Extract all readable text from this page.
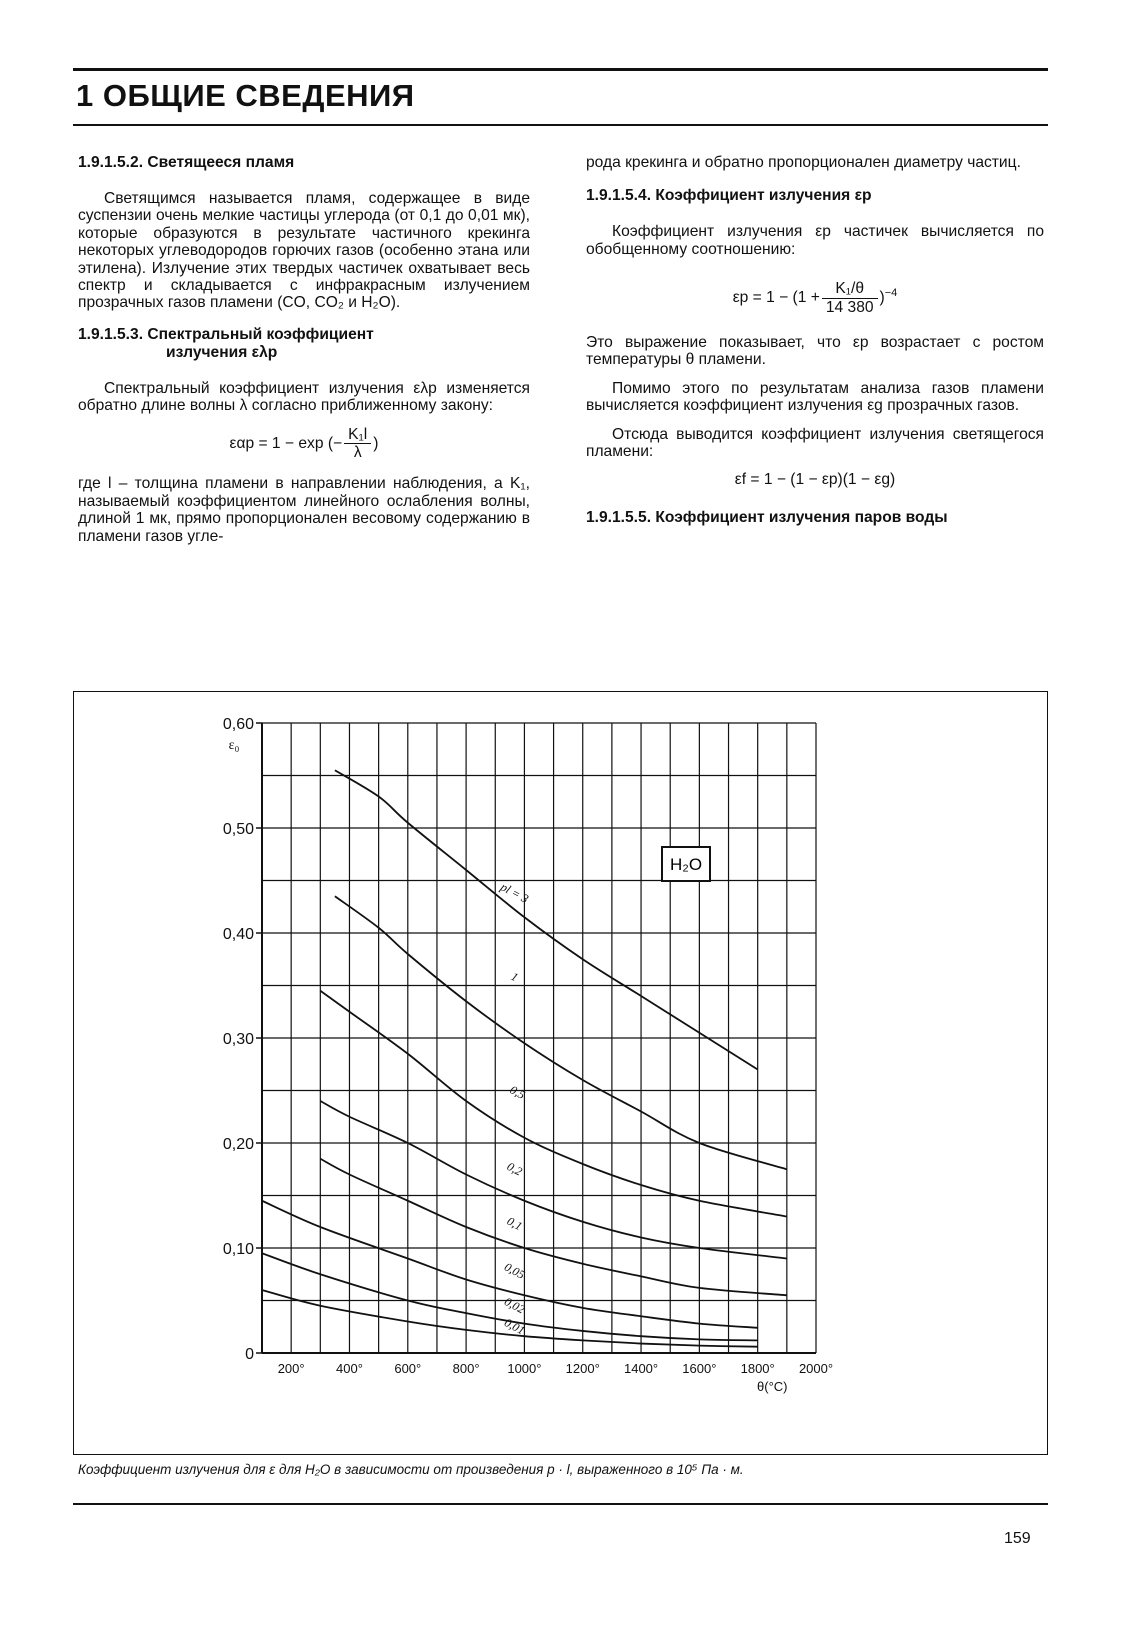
1 ОБЩИЕ СВЕДЕНИЯ
1.9.1.5.2. Светящееся пламя

Светящимся называется пламя, содержащее в виде суспензии очень мелкие частицы углерода (от 0,1 до 0,01 мк), которые образуются в результате частичного крекинга некоторых углеводородов горючих газов (особенно этана или этилена). Излучение этих твердых частичек охватывает весь спектр и складывается с инфракрасным излучением прозрачных газов пламени (CO, CO₂ и H₂O).

1.9.1.5.3. Спектральный коэффициент
излучения ελp

Спектральный коэффициент излучения ελp изменяется обратно длине волны λ согласно приближенному закону:

εαp = 1 − exp (− $\frac{\text{K₁l}}{\lambda}$ )

где l – толщина пламени в направлении наблюдения, а K₁, называемый коэффициентом линейного ослабления волны, длиной 1 мк, прямо пропорционален весовому содержанию в пламени газов угле-

рода крекинга и обратно пропорционален диаметру частиц.

1.9.1.5.4. Коэффициент излучения εp

Коэффициент излучения εp частичек вычисляется по обобщенному соотношению:

$\varepsilon p = 1 - (1 + \frac{\text{K₁/θ}}{14 380} )^{-4}$

Это выражение показывает, что εp возрастает с ростом температуры θ пламени.

Помимо этого по результатам анализа газов пламени вычисляется коэффициент излучения εg прозрачных газов.

Отсюда выводится коэффициент излучения светящегося пламени:

εf = 1 − (1 − εp)(1 − εg)
1.9.1.5.5. Коэффициент излучения паров воды
0
0,10
0,20
0,30
0,40
0,50
0,60
ε₀
200° 400° 600° 800° 1000° 1200° 1400° 1600° 1800° 2000°
θ(°C)
pl = 3
1
0,5
0,2
0,1
0,05
0,02
0,01
H₂O
Коэффициент излучения для ε для H₂O в зависимости от произведения p · l, выраженного в 10⁵ Па · м.
159
